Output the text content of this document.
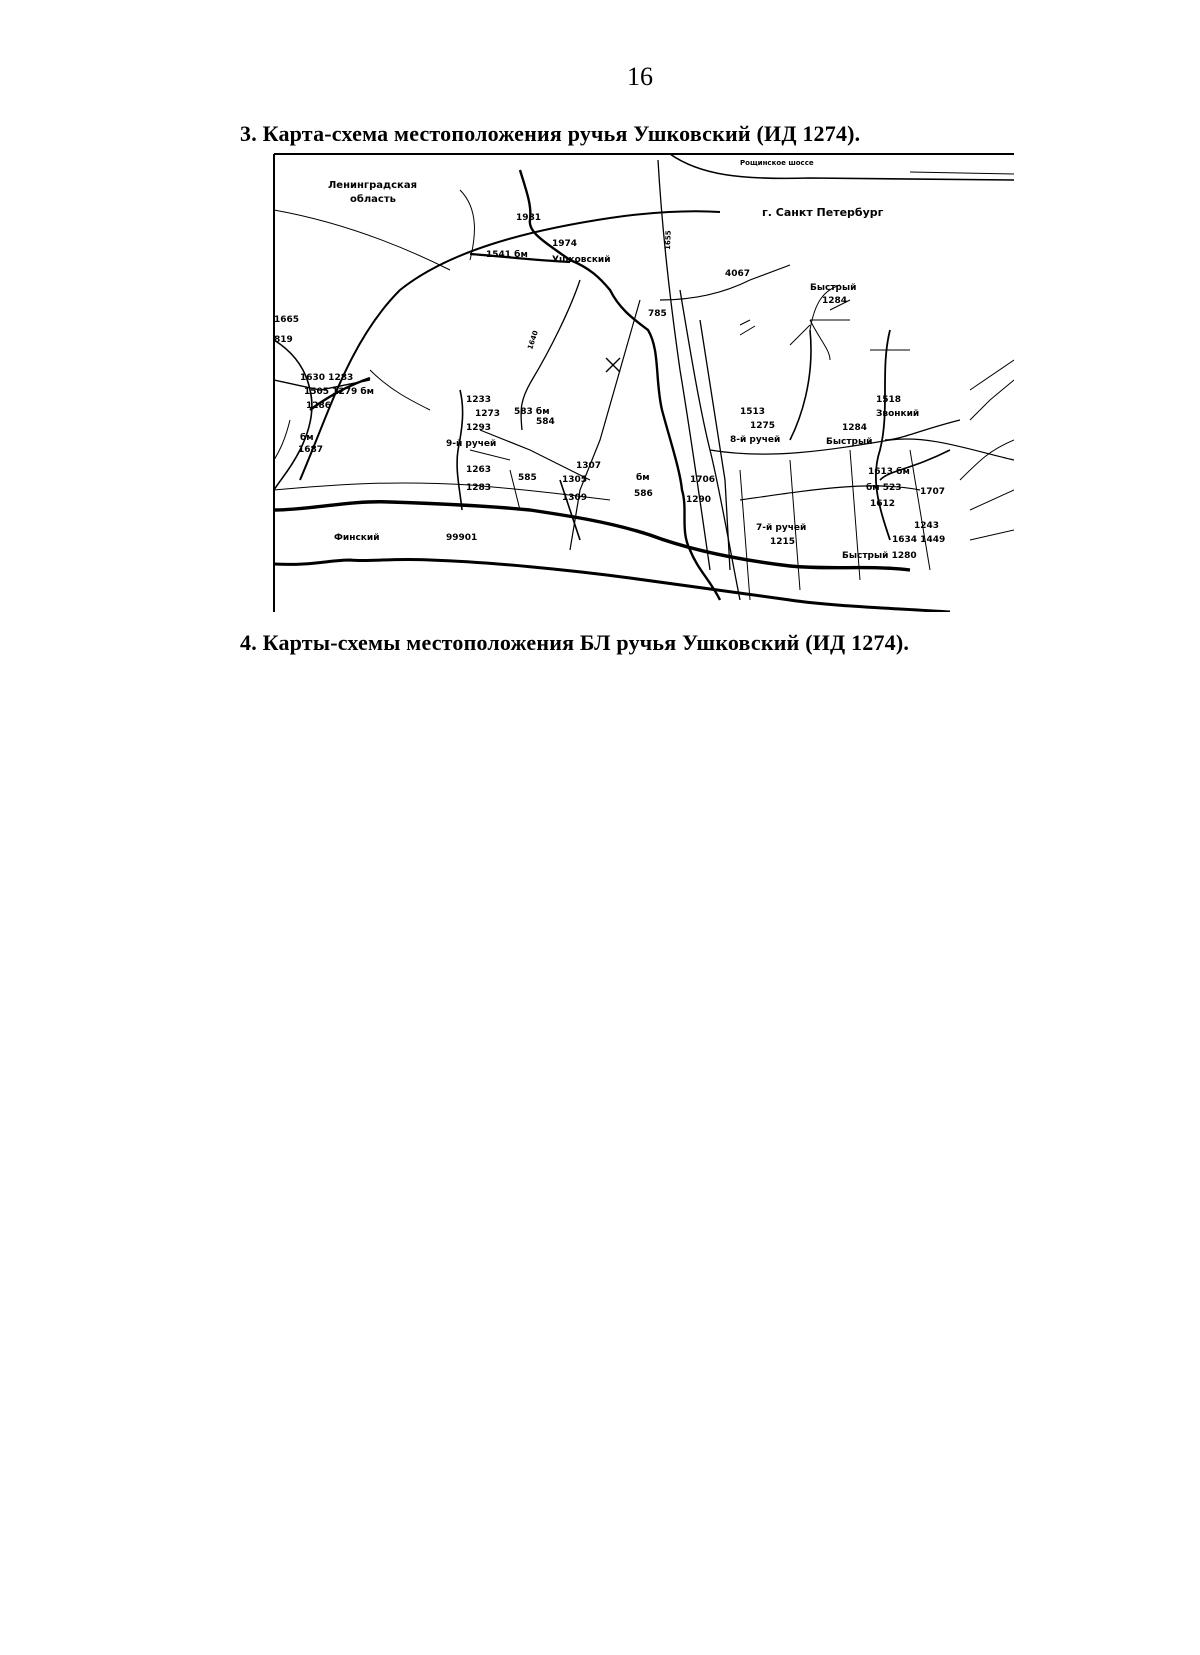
16
3. Карта-схема местоположения ручья Ушковский (ИД 1274).
Рощинское шоссе
Ленинградская
область
г. Санкт Петербург
Быстрый
1284
1981
1974
1541 бм	Ушковский
4067
785
1665
819
1630 1283
1505 1279 бм
1286
бм
1687
1233
1273
1293
583 бм
584
9-й ручей
1263
1283
585	1305
1309
1307
бм
586
1706
1290
1513
1275
8-й ручей
1518
Звонкий
1284
Быстрый
1613 бм
бм 523 1707
1612
1243
1634 1449
7-й ручей
1215
Быстрый 1280
Финский	99901
1640
1655
4. Карты-схемы местоположения БЛ ручья Ушковский (ИД 1274).
